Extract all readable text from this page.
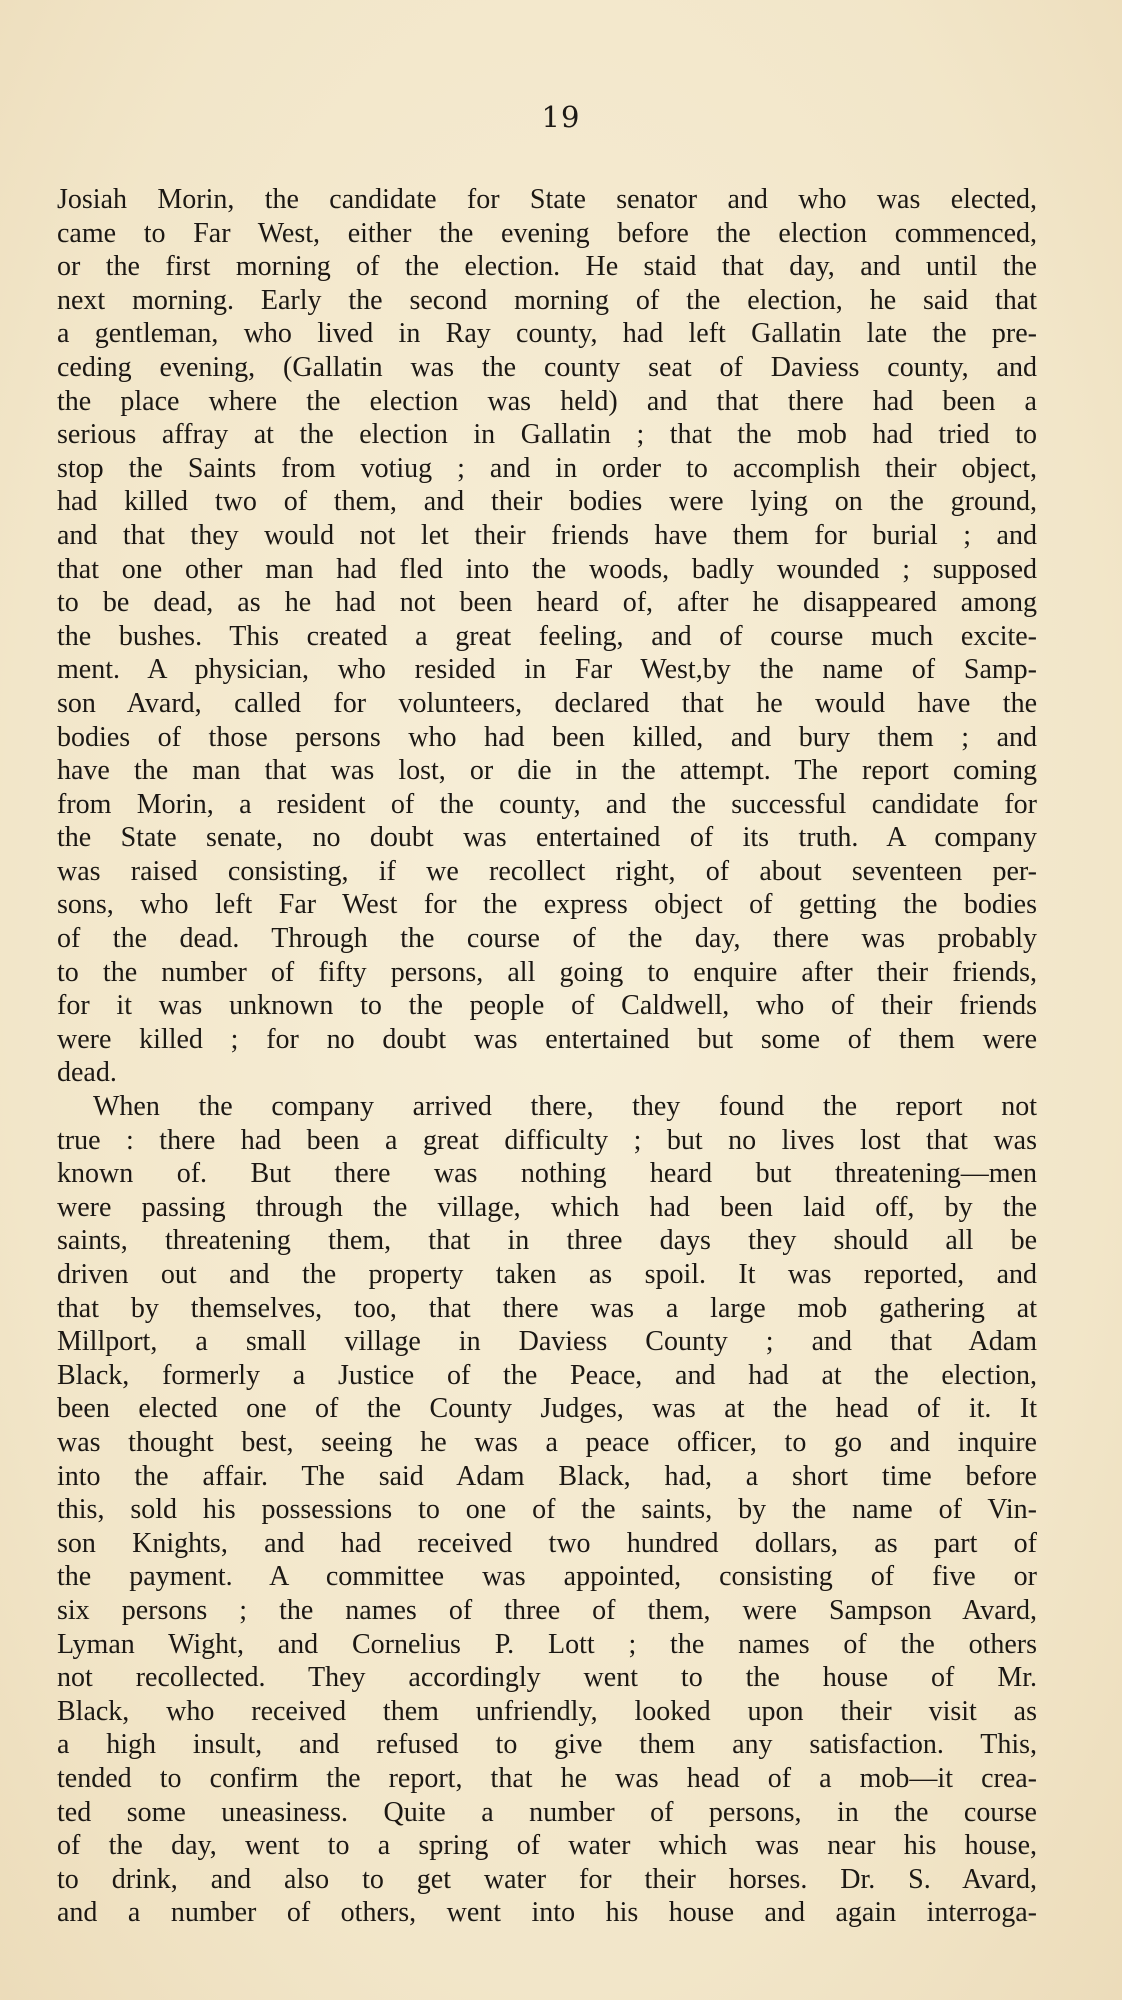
19
Josiah Morin, the candidate for State senator and who was elected,
came to Far West, either the evening before the election commenced,
or the first morning of the election. He staid that day, and until the
next morning. Early the second morning of the election, he said that
a gentleman, who lived in Ray county, had left Gallatin late the pre-
ceding evening, (Gallatin was the county seat of Daviess county, and
the place where the election was held) and that there had been a
serious affray at the election in Gallatin ; that the mob had tried to
stop the Saints from votiug ; and in order to accomplish their object,
had killed two of them, and their bodies were lying on the ground,
and that they would not let their friends have them for burial ; and
that one other man had fled into the woods, badly wounded ; supposed
to be dead, as he had not been heard of, after he disappeared among
the bushes. This created a great feeling, and of course much excite-
ment. A physician, who resided in Far West,by the name of Samp-
son Avard, called for volunteers, declared that he would have the
bodies of those persons who had been killed, and bury them ; and
have the man that was lost, or die in the attempt. The report coming
from Morin, a resident of the county, and the successful candidate for
the State senate, no doubt was entertained of its truth. A company
was raised consisting, if we recollect right, of about seventeen per-
sons, who left Far West for the express object of getting the bodies
of the dead. Through the course of the day, there was probably
to the number of fifty persons, all going to enquire after their friends,
for it was unknown to the people of Caldwell, who of their friends
were killed ; for no doubt was entertained but some of them were
dead.
When the company arrived there, they found the report not
true : there had been a great difficulty ; but no lives lost that was
known of. But there was nothing heard but threatening—men
were passing through the village, which had been laid off, by the
saints, threatening them, that in three days they should all be
driven out and the property taken as spoil. It was reported, and
that by themselves, too, that there was a large mob gathering at
Millport, a small village in Daviess County ; and that Adam
Black, formerly a Justice of the Peace, and had at the election,
been elected one of the County Judges, was at the head of it. It
was thought best, seeing he was a peace officer, to go and inquire
into the affair. The said Adam Black, had, a short time before
this, sold his possessions to one of the saints, by the name of Vin-
son Knights, and had received two hundred dollars, as part of
the payment. A committee was appointed, consisting of five or
six persons ; the names of three of them, were Sampson Avard,
Lyman Wight, and Cornelius P. Lott ; the names of the others
not recollected. They accordingly went to the house of Mr.
Black, who received them unfriendly, looked upon their visit as
a high insult, and refused to give them any satisfaction. This,
tended to confirm the report, that he was head of a mob—it crea-
ted some uneasiness. Quite a number of persons, in the course
of the day, went to a spring of water which was near his house,
to drink, and also to get water for their horses. Dr. S. Avard,
and a number of others, went into his house and again interroga-
